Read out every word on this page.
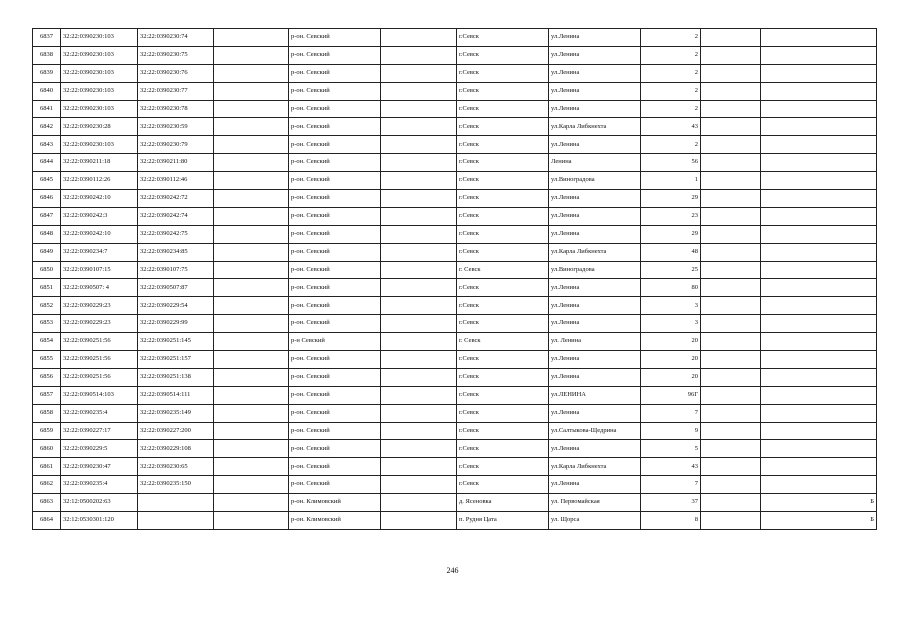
6837	32:22:0390230:103	32:22:0390230:74		р-он. Севский		г.Севск	ул.Ленина	2		
6838	32:22:0390230:103	32:22:0390230:75		р-он. Севский		г.Севск	ул.Ленина	2		
6839	32:22:0390230:103	32:22:0390230:76		р-он. Севский		г.Севск	ул.Ленина	2		
6840	32:22:0390230:103	32:22:0390230:77		р-он. Севский		г.Севск	ул.Ленина	2		
6841	32:22:0390230:103	32:22:0390230:78		р-он. Севский		г.Севск	ул.Ленина	2		
6842	32:22:0390230:28	32:22:0390230:59		р-он. Севский		г.Севск	ул.Карла Либкнехта	43		
6843	32:22:0390230:103	32:22:0390230:79		р-он. Севский		г.Севск	ул.Ленина	2		
6844	32:22:0390211:18	32:22:0390211:80		р-он. Севский		г.Севск	Ленина	56		
6845	32:22:0390112:26	32:22:0390112:46		р-он. Севский		г.Севск	ул.Виноградова	1		
6846	32:22:0390242:10	32:22:0390242:72		р-он. Севский		г.Севск	ул.Ленина	29		
6847	32:22:0390242:3	32:22:0390242:74		р-он. Севский		г.Севск	ул.Ленина	23		
6848	32:22:0390242:10	32:22:0390242:75		р-он. Севский		г.Севск	ул.Ленина	29		
6849	32:22:0390234:7	32:22:0390234:85		р-он. Севский		г.Севск	ул.Карла Либкнехта	48		
6850	32:22:0390107:15	32:22:0390107:75		р-он. Севский		г. Севск	ул.Виноградова	25		
6851	32:22:0390507: 4	32:22:0390507:87		р-он. Севский		г.Севск	ул.Ленина	80		
6852	32:22:0390229:23	32:22:0390229:54		р-он. Севский		г.Севск	ул.Ленина	3		
6853	32:22:0390229:23	32:22:0390229:99		р-он. Севский		г.Севск	ул.Ленина	3		
6854	32:22:0390251:56	32:22:0390251:145		р-н Севский		г. Севск	ул. Ленина	20		
6855	32:22:0390251:56	32:22:0390251:157		р-он. Севский		г.Севск	ул.Ленина	20		
6856	32:22:0390251:56	32:22:0390251:138		р-он. Севский		г.Севск	ул.Ленина	20		
6857	32:22:0390514:103	32:22:0390514:111		р-он. Севский		г.Севск	ул.ЛЕНИНА	96Г		
6858	32:22:0390235:4	32:22:0390235:149		р-он. Севский		г.Севск	ул.Ленина	7		
6859	32:22:0390227:17	32:22:0390227:200		р-он. Севский		г.Севск	ул.Салтыкова-Щедрина	9		
6860	32:22:0390229:5	32:22:0390229:108		р-он. Севский		г.Севск	ул.Ленина	5		
6861	32:22:0390230:47	32:22:0390230:65		р-он. Севский		г.Севск	ул.Карла Либкнехта	43		
6862	32:22:0390235:4	32:22:0390235:150		р-он. Севский		г.Севск	ул.Ленина	7		
6863	32:12:0500202:63			р-он. Климовский		д. Ясеновка	ул. Первомайская	37		Б
6864	32:12:0530301:120			р-он. Климовский		п. Рудня Цата	ул. Щорса	8		Б
246
